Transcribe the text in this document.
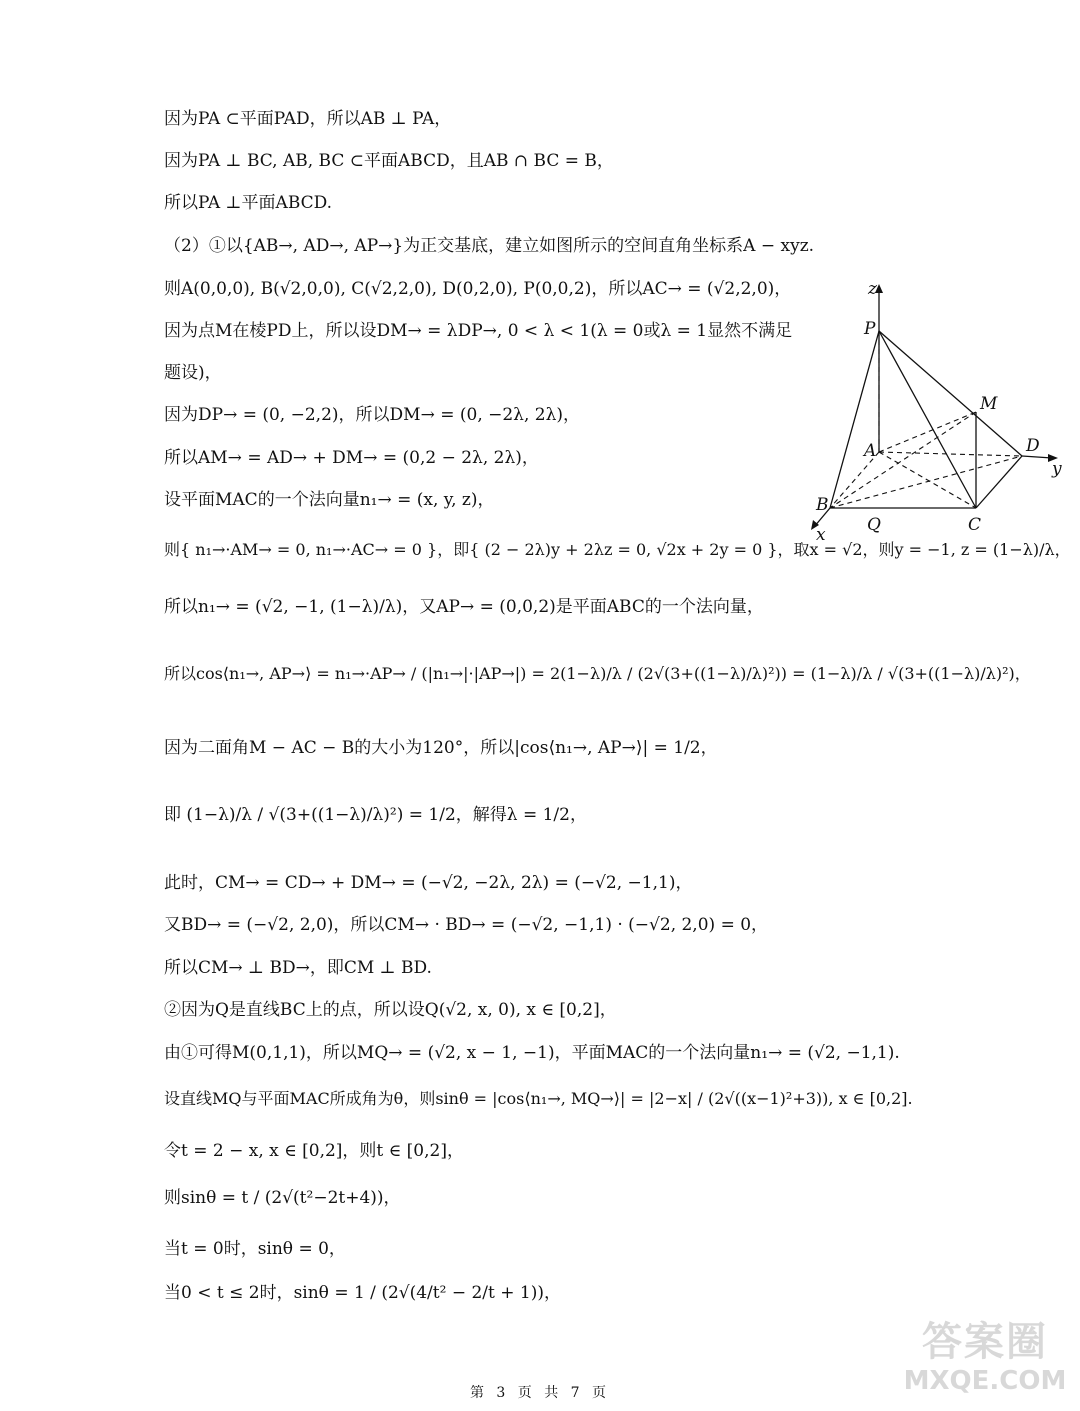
因为PA ⊂平面PAD，所以AB ⊥ PA，
因为PA ⊥ BC, AB, BC ⊂平面ABCD，且AB ∩ BC = B，
所以PA ⊥平面ABCD.
（2）①以{AB→, AD→, AP→}为正交基底，建立如图所示的空间直角坐标系A − xyz.
则A(0,0,0), B(√2,0,0), C(√2,2,0), D(0,2,0), P(0,0,2)，所以AC→ = (√2,2,0)，
因为点M在棱PD上，所以设DM→ = λDP→, 0 < λ < 1(λ = 0或λ = 1显然不满足
题设)，
因为DP→ = (0, −2,2)，所以DM→ = (0, −2λ, 2λ)，
所以AM→ = AD→ + DM→ = (0,2 − 2λ, 2λ)，
设平面MAC的一个法向量n₁→ = (x, y, z)，
则{ n₁→·AM→ = 0, n₁→·AC→ = 0 }，即{ (2 − 2λ)y + 2λz = 0, √2x + 2y = 0 }，取x = √2，则y = −1, z = (1−λ)/λ，
所以n₁→ = (√2, −1, (1−λ)/λ)，又AP→ = (0,0,2)是平面ABC的一个法向量，
所以cos⟨n₁→, AP→⟩ = n₁→·AP→ / (|n₁→|·|AP→|) = 2(1−λ)/λ / (2√(3+((1−λ)/λ)²)) = (1−λ)/λ / √(3+((1−λ)/λ)²)，
因为二面角M − AC − B的大小为120°，所以|cos⟨n₁→, AP→⟩| = 1/2，
即 (1−λ)/λ / √(3+((1−λ)/λ)²) = 1/2，解得λ = 1/2，
此时，CM→ = CD→ + DM→ = (−√2, −2λ, 2λ) = (−√2, −1,1)，
又BD→ = (−√2, 2,0)，所以CM→ · BD→ = (−√2, −1,1) · (−√2, 2,0) = 0，
所以CM→ ⊥ BD→，即CM ⊥ BD.
②因为Q是直线BC上的点，所以设Q(√2, x, 0), x ∈ [0,2]，
由①可得M(0,1,1)，所以MQ→ = (√2, x − 1, −1)，平面MAC的一个法向量n₁→ = (√2, −1,1).
设直线MQ与平面MAC所成角为θ，则sinθ = |cos⟨n₁→, MQ→⟩| = |2−x| / (2√((x−1)²+3)), x ∈ [0,2].
令t = 2 − x, x ∈ [0,2]，则t ∈ [0,2]，
则sinθ = t / (2√(t²−2t+4))，
当t = 0时，sinθ = 0，
当0 < t ≤ 2时，sinθ = 1 / (2√(4/t² − 2/t + 1))，
z
P
M
A	D
y
B
Q	C
x
第 3 页 共 7 页
答案圈
MXQE.COM
